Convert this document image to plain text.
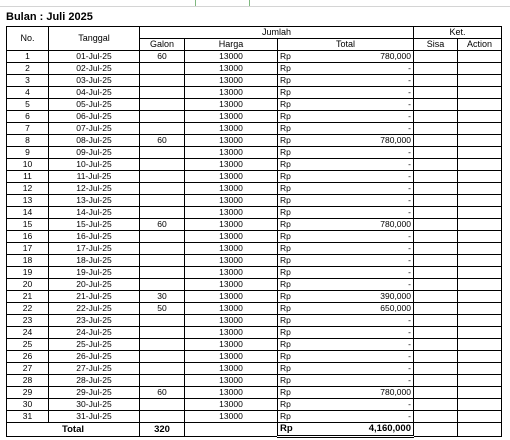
Bulan : Juli 2025
No.	Tanggal	Jumlah				Ket.	
		Galon	Harga	Total		Sisa	Action
1	01-Jul-25	60	13000	Rp	780,000		
2	02-Jul-25		13000	Rp	-		
3	03-Jul-25		13000	Rp	-		
4	04-Jul-25		13000	Rp	-		
5	05-Jul-25		13000	Rp	-		
6	06-Jul-25		13000	Rp	-		
7	07-Jul-25		13000	Rp	-		
8	08-Jul-25	60	13000	Rp	780,000		
9	09-Jul-25		13000	Rp	-		
10	10-Jul-25		13000	Rp	-		
11	11-Jul-25		13000	Rp	-		
12	12-Jul-25		13000	Rp	-		
13	13-Jul-25		13000	Rp	-		
14	14-Jul-25		13000	Rp	-		
15	15-Jul-25	60	13000	Rp	780,000		
16	16-Jul-25		13000	Rp	-		
17	17-Jul-25		13000	Rp	-		
18	18-Jul-25		13000	Rp	-		
19	19-Jul-25		13000	Rp	-		
20	20-Jul-25		13000	Rp	-		
21	21-Jul-25	30	13000	Rp	390,000		
22	22-Jul-25	50	13000	Rp	650,000		
23	23-Jul-25		13000	Rp	-		
24	24-Jul-25		13000	Rp	-		
25	25-Jul-25		13000	Rp	-		
26	26-Jul-25		13000	Rp	-		
27	27-Jul-25		13000	Rp	-		
28	28-Jul-25		13000	Rp	-		
29	29-Jul-25	60	13000	Rp	780,000		
30	30-Jul-25		13000	Rp	-		
31	31-Jul-25		13000	Rp	-		
Total		320		Rp	4,160,000		
